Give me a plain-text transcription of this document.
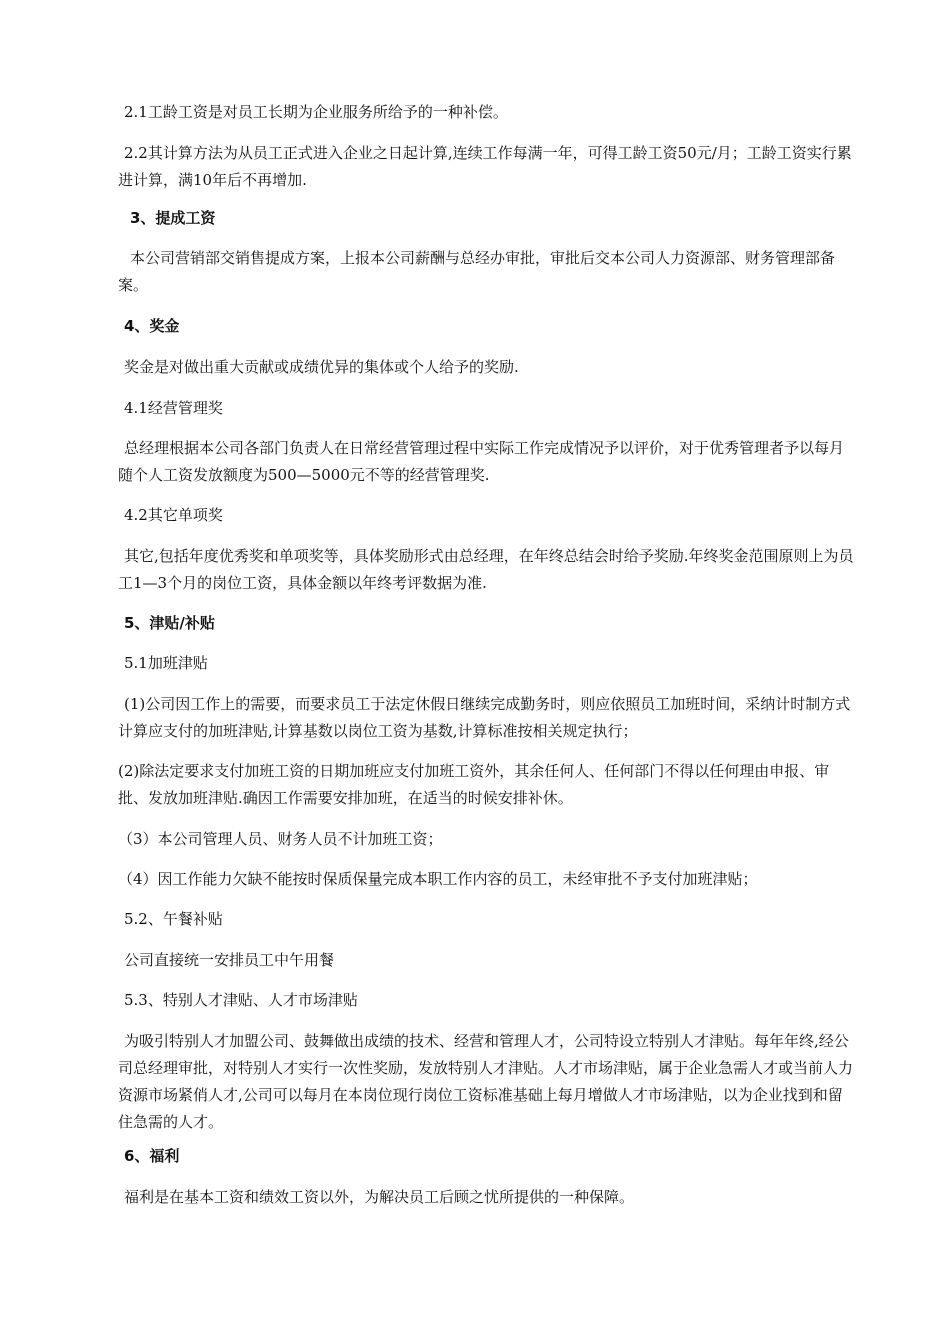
2.1工龄工资是对员工长期为企业服务所给予的一种补偿。

2.2其计算方法为从员工正式进入企业之日起计算,连续工作每满一年，可得工龄工资50元/月；工龄工资实行累进计算，满10年后不再增加.

3、提成工资

本公司营销部交销售提成方案，上报本公司薪酬与总经办审批，审批后交本公司人力资源部、财务管理部备案。

4、奖金

奖金是对做出重大贡献或成绩优异的集体或个人给予的奖励.

4.1经营管理奖

总经理根据本公司各部门负责人在日常经营管理过程中实际工作完成情况予以评价，对于优秀管理者予以每月随个人工资发放额度为500—5000元不等的经营管理奖.

4.2其它单项奖

其它,包括年度优秀奖和单项奖等，具体奖励形式由总经理，在年终总结会时给予奖励.年终奖金范围原则上为员工1—3个月的岗位工资，具体金额以年终考评数据为准.

5、津贴/补贴

5.1加班津贴

(1)公司因工作上的需要，而要求员工于法定休假日继续完成勤务时，则应依照员工加班时间，采纳计时制方式计算应支付的加班津贴,计算基数以岗位工资为基数,计算标准按相关规定执行；

(2)除法定要求支付加班工资的日期加班应支付加班工资外，其余任何人、任何部门不得以任何理由申报、审批、发放加班津贴.确因工作需要安排加班，在适当的时候安排补休。

（3）本公司管理人员、财务人员不计加班工资；

（4）因工作能力欠缺不能按时保质保量完成本职工作内容的员工，未经审批不予支付加班津贴；

5.2、午餐补贴

公司直接统一安排员工中午用餐

5.3、特别人才津贴、人才市场津贴

为吸引特别人才加盟公司、鼓舞做出成绩的技术、经营和管理人才，公司特设立特别人才津贴。每年年终,经公司总经理审批，对特别人才实行一次性奖励，发放特别人才津贴。人才市场津贴，属于企业急需人才或当前人力资源市场紧俏人才,公司可以每月在本岗位现行岗位工资标准基础上每月增做人才市场津贴，以为企业找到和留住急需的人才。

6、福利

福利是在基本工资和绩效工资以外，为解决员工后顾之忧所提供的一种保障。
